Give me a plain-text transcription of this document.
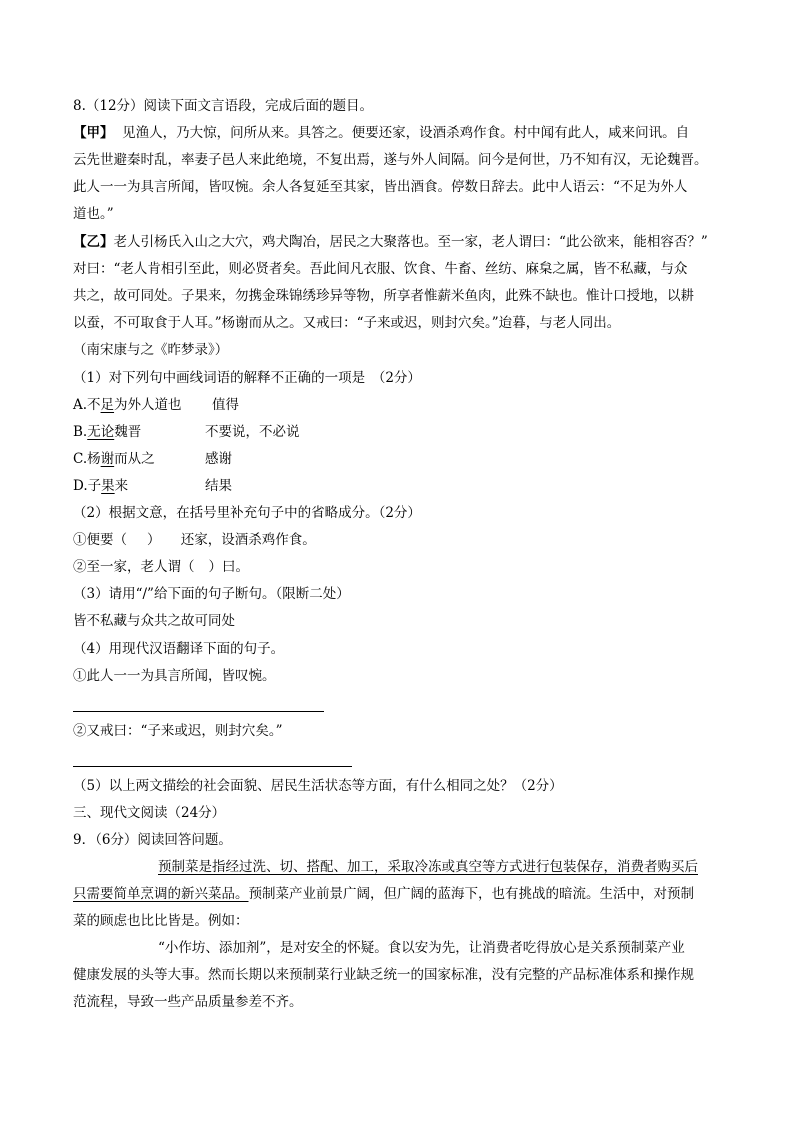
8.（12分）阅读下面文言语段，完成后面的题目。
【甲】 见渔人，乃大惊，问所从来。具答之。便要还家，设酒杀鸡作食。村中闻有此人，咸来问讯。自
云先世避秦时乱，率妻子邑人来此绝境，不复出焉，遂与外人间隔。问今是何世，乃不知有汉，无论魏晋。
此人一一为具言所闻，皆叹惋。余人各复延至其家，皆出酒食。停数日辞去。此中人语云：“不足为外人
道也。”
【乙】老人引杨氏入山之大穴，鸡犬陶冶，居民之大聚落也。至一家，老人谓曰：“此公欲来，能相容否？”
对曰：“老人肯相引至此，则必贤者矣。吾此间凡衣服、饮食、牛畜、丝纺、麻枲之属，皆不私藏，与众
共之，故可同处。子果来，勿携金珠锦绣珍异等物，所享者惟薪米鱼肉，此殊不缺也。惟计口授地，以耕
以蚕，不可取食于人耳。”杨谢而从之。又戒曰：“子来或迟，则封穴矣。”迨暮，与老人同出。
（南宋康与之《昨梦录》）
（1）对下列句中画线词语的解释不正确的一项是　（2分）
A.不足为外人道也 值得
B.无论魏晋	不要说，不必说
C.杨谢而从之	感谢
D.子果来	结果
（2）根据文意，在括号里补充句子中的省略成分。（2分）
①便要（ ）　　还家，设酒杀鸡作食。
②至一家，老人谓（ ）曰。
（3）请用“/”给下面的句子断句。（限断二处）
皆不私藏与众共之故可同处
（4）用现代汉语翻译下面的句子。
①此人一一为具言所闻，皆叹惋。
②又戒曰：“子来或迟，则封穴矣。”
（5）以上两文描绘的社会面貌、居民生活状态等方面，有什么相同之处？（2分）
三、现代文阅读（24分）
9．（6分）阅读回答问题。
预制菜是指经过洗、切、搭配、加工，采取冷冻或真空等方式进行包装保存，消费者购买后
只需要简单烹调的新兴菜品。预制菜产业前景广阔，但广阔的蓝海下，也有挑战的暗流。生活中，对预制
菜的顾虑也比比皆是。例如：
“小作坊、添加剂”，是对安全的怀疑。食以安为先，让消费者吃得放心是关系预制菜产业
健康发展的头等大事。然而长期以来预制菜行业缺乏统一的国家标准，没有完整的产品标准体系和操作规
范流程，导致一些产品质量参差不齐。
